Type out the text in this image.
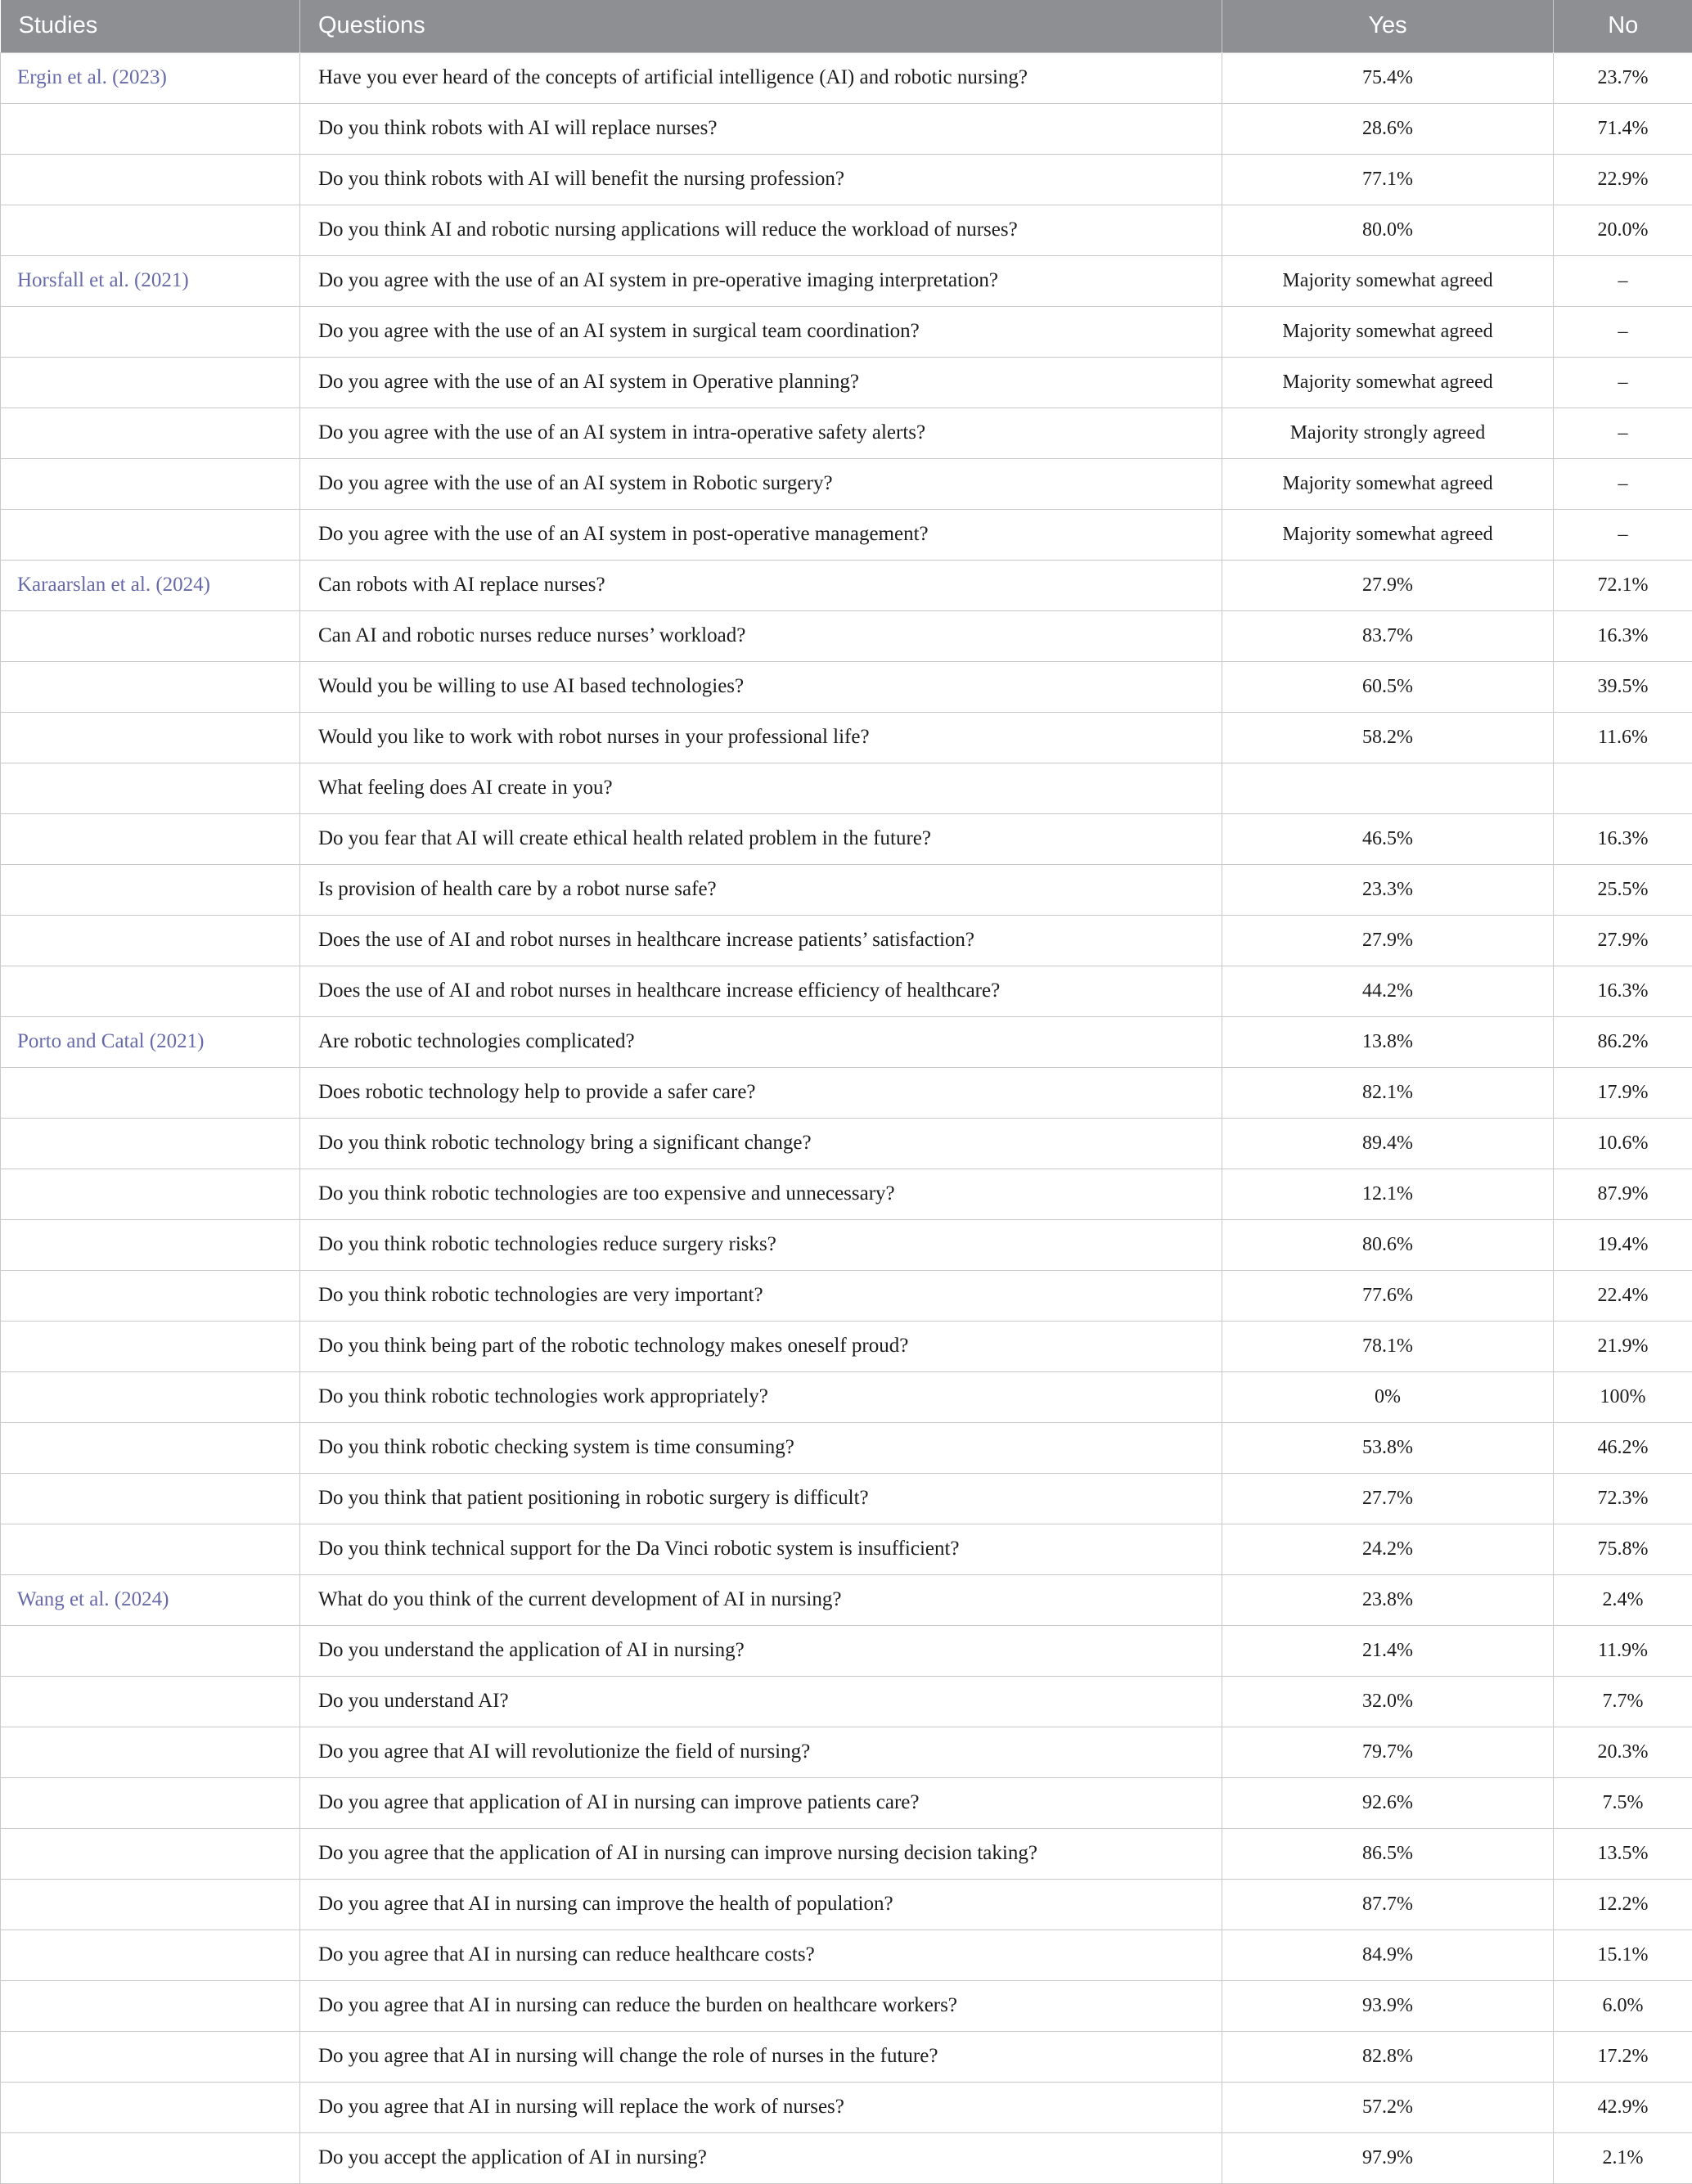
Studies	Questions	Yes	No
Ergin et al. (2023)	Have you ever heard of the concepts of artificial intelligence (AI) and robotic nursing?	75.4%	23.7%
	Do you think robots with AI will replace nurses?	28.6%	71.4%
	Do you think robots with AI will benefit the nursing profession?	77.1%	22.9%
	Do you think AI and robotic nursing applications will reduce the workload of nurses?	80.0%	20.0%
Horsfall et al. (2021)	Do you agree with the use of an AI system in pre-operative imaging interpretation?	Majority somewhat agreed	–
	Do you agree with the use of an AI system in surgical team coordination?	Majority somewhat agreed	–
	Do you agree with the use of an AI system in Operative planning?	Majority somewhat agreed	–
	Do you agree with the use of an AI system in intra-operative safety alerts?	Majority strongly agreed	–
	Do you agree with the use of an AI system in Robotic surgery?	Majority somewhat agreed	–
	Do you agree with the use of an AI system in post-operative management?	Majority somewhat agreed	–
Karaarslan et al. (2024)	Can robots with AI replace nurses?	27.9%	72.1%
	Can AI and robotic nurses reduce nurses’ workload?	83.7%	16.3%
	Would you be willing to use AI based technologies?	60.5%	39.5%
	Would you like to work with robot nurses in your professional life?	58.2%	11.6%
	What feeling does AI create in you?		
	Do you fear that AI will create ethical health related problem in the future?	46.5%	16.3%
	Is provision of health care by a robot nurse safe?	23.3%	25.5%
	Does the use of AI and robot nurses in healthcare increase patients’ satisfaction?	27.9%	27.9%
	Does the use of AI and robot nurses in healthcare increase efficiency of healthcare?	44.2%	16.3%
Porto and Catal (2021)	Are robotic technologies complicated?	13.8%	86.2%
	Does robotic technology help to provide a safer care?	82.1%	17.9%
	Do you think robotic technology bring a significant change?	89.4%	10.6%
	Do you think robotic technologies are too expensive and unnecessary?	12.1%	87.9%
	Do you think robotic technologies reduce surgery risks?	80.6%	19.4%
	Do you think robotic technologies are very important?	77.6%	22.4%
	Do you think being part of the robotic technology makes oneself proud?	78.1%	21.9%
	Do you think robotic technologies work appropriately?	0%	100%
	Do you think robotic checking system is time consuming?	53.8%	46.2%
	Do you think that patient positioning in robotic surgery is difficult?	27.7%	72.3%
	Do you think technical support for the Da Vinci robotic system is insufficient?	24.2%	75.8%
Wang et al. (2024)	What do you think of the current development of AI in nursing?	23.8%	2.4%
	Do you understand the application of AI in nursing?	21.4%	11.9%
	Do you understand AI?	32.0%	7.7%
	Do you agree that AI will revolutionize the field of nursing?	79.7%	20.3%
	Do you agree that application of AI in nursing can improve patients care?	92.6%	7.5%
	Do you agree that the application of AI in nursing can improve nursing decision taking?	86.5%	13.5%
	Do you agree that AI in nursing can improve the health of population?	87.7%	12.2%
	Do you agree that AI in nursing can reduce healthcare costs?	84.9%	15.1%
	Do you agree that AI in nursing can reduce the burden on healthcare workers?	93.9%	6.0%
	Do you agree that AI in nursing will change the role of nurses in the future?	82.8%	17.2%
	Do you agree that AI in nursing will replace the work of nurses?	57.2%	42.9%
	Do you accept the application of AI in nursing?	97.9%	2.1%
